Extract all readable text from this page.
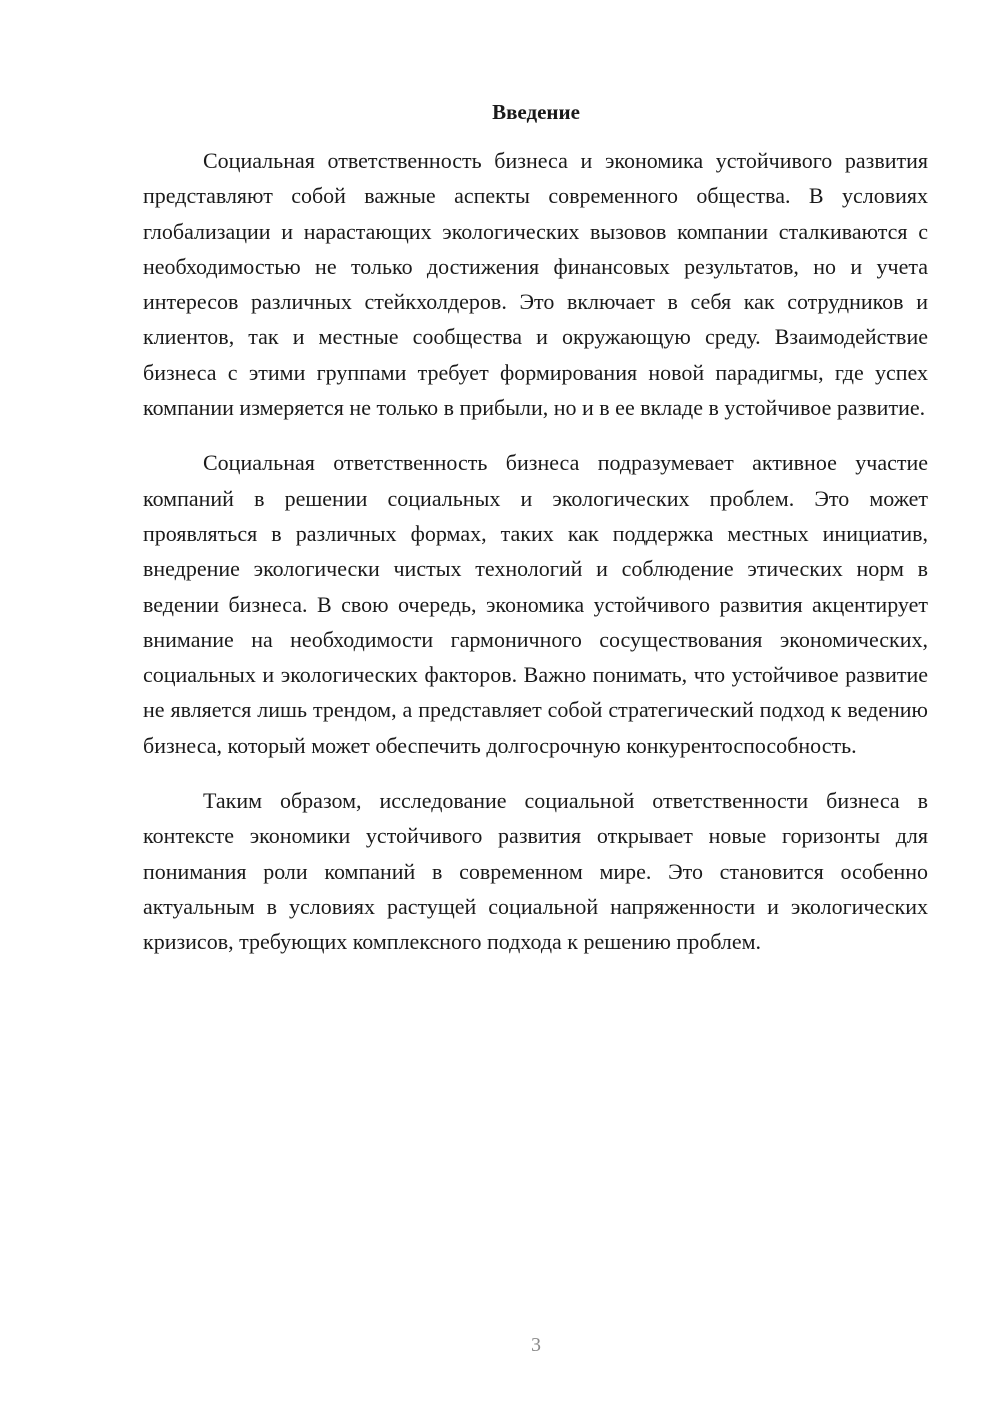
Введение

Социальная ответственность бизнеса и экономика устойчивого развития представляют собой важные аспекты современного общества. В условиях глобализации и нарастающих экологических вызовов компании сталкиваются с необходимостью не только достижения финансовых результатов, но и учета интересов различных стейкхолдеров. Это включает в себя как сотрудников и клиентов, так и местные сообщества и окружающую среду. Взаимодействие бизнеса с этими группами требует формирования новой парадигмы, где успех компании измеряется не только в прибыли, но и в ее вкладе в устойчивое развитие.

Социальная ответственность бизнеса подразумевает активное участие компаний в решении социальных и экологических проблем. Это может проявляться в различных формах, таких как поддержка местных инициатив, внедрение экологически чистых технологий и соблюдение этических норм в ведении бизнеса. В свою очередь, экономика устойчивого развития акцентирует внимание на необходимости гармоничного сосуществования экономических, социальных и экологических факторов. Важно понимать, что устойчивое развитие не является лишь трендом, а представляет собой стратегический подход к ведению бизнеса, который может обеспечить долгосрочную конкурентоспособность.

Таким образом, исследование социальной ответственности бизнеса в контексте экономики устойчивого развития открывает новые горизонты для понимания роли компаний в современном мире. Это становится особенно актуальным в условиях растущей социальной напряженности и экологических кризисов, требующих комплексного подхода к решению проблем.

3
